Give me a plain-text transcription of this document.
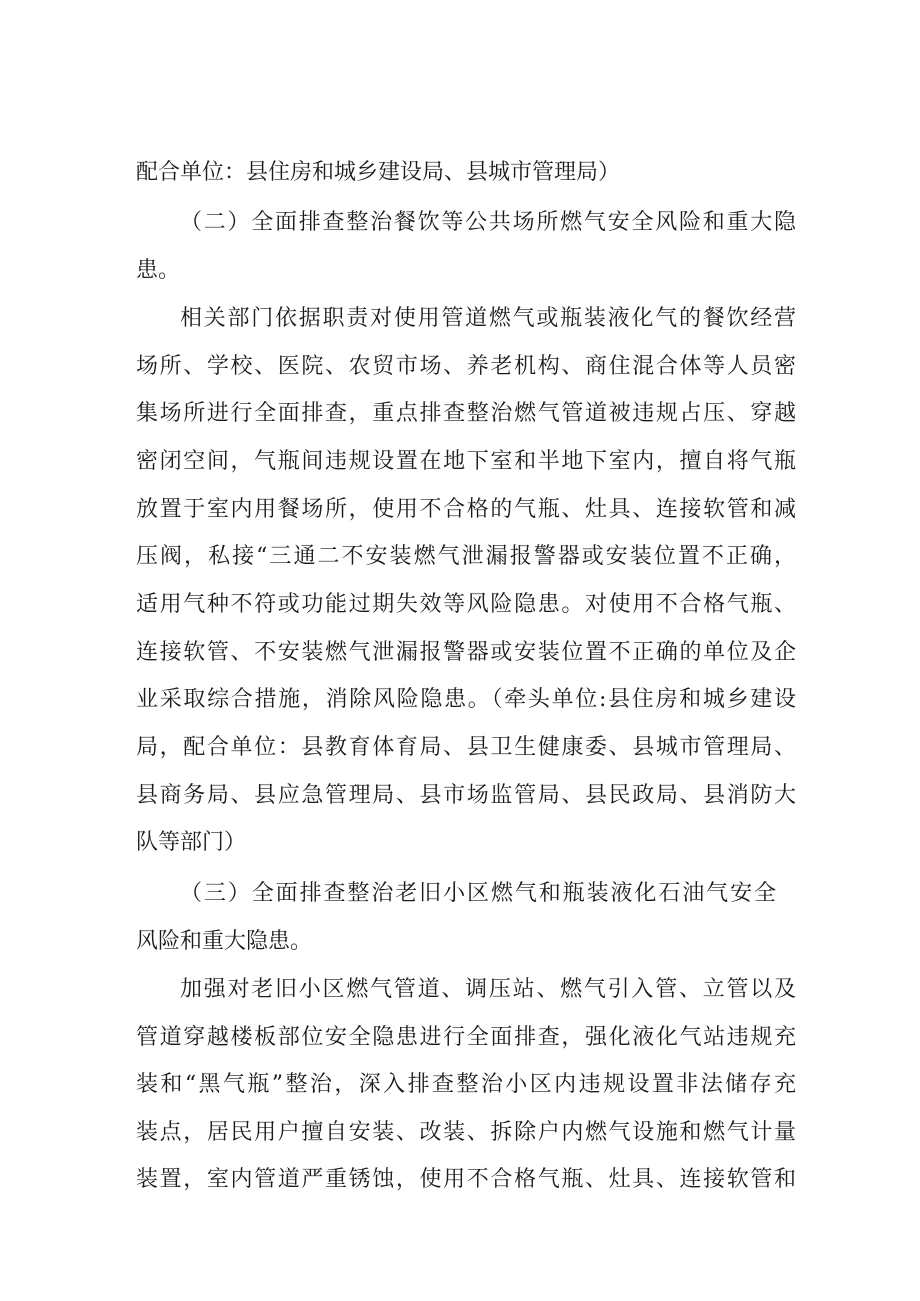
配合单位：县住房和城乡建设局、县城市管理局）
（二）全面排查整治餐饮等公共场所燃气安全风险和重大隐
患。
相关部门依据职责对使用管道燃气或瓶装液化气的餐饮经营
场所、学校、医院、农贸市场、养老机构、商住混合体等人员密
集场所进行全面排查，重点排查整治燃气管道被违规占压、穿越
密闭空间，气瓶间违规设置在地下室和半地下室内，擅自将气瓶
放置于室内用餐场所，使用不合格的气瓶、灶具、连接软管和减
压阀，私接“三通二不安装燃气泄漏报警器或安装位置不正确，
适用气种不符或功能过期失效等风险隐患。对使用不合格气瓶、
连接软管、不安装燃气泄漏报警器或安装位置不正确的单位及企
业采取综合措施，消除风险隐患。（牵头单位:县住房和城乡建设
局，配合单位：县教育体育局、县卫生健康委、县城市管理局、
县商务局、县应急管理局、县市场监管局、县民政局、县消防大
队等部门）
（三）全面排查整治老旧小区燃气和瓶装液化石油气安全
风险和重大隐患。
加强对老旧小区燃气管道、调压站、燃气引入管、立管以及
管道穿越楼板部位安全隐患进行全面排查，强化液化气站违规充
装和“黑气瓶”整治，深入排查整治小区内违规设置非法储存充
装点，居民用户擅自安装、改装、拆除户内燃气设施和燃气计量
装置，室内管道严重锈蚀，使用不合格气瓶、灶具、连接软管和
